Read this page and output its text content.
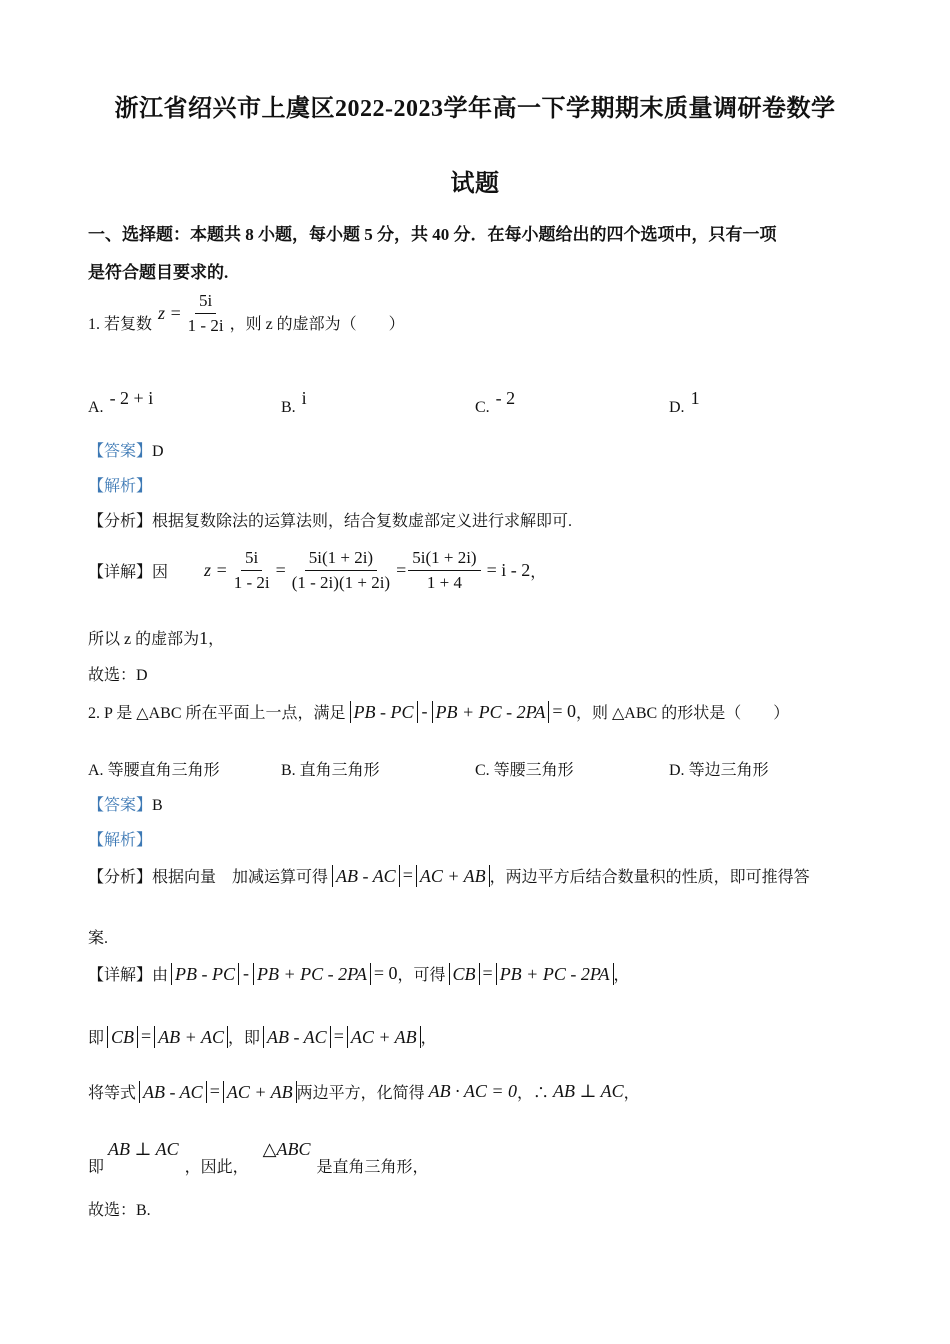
浙江省绍兴市上虞区2022-2023学年高一下学期期末质量调研卷数学
试题
一、选择题：本题共 8 小题，每小题 5 分，共 40 分．在每小题给出的四个选项中，只有一项
是符合题目要求的.
1. 若复数
$z = \frac{5i}{1 - 2i}$ ，则 z 的虚部为（　　）
A. - 2 + i	B. i	C. - 2	D. 1
【答案】D
【解析】
【分析】根据复数除法的运算法则，结合复数虚部定义进行求解即可.
【详解】 因 $z = \frac{5i}{1 - 2i} = \frac{5i(1 + 2i)}{(1 - 2i)(1 + 2i)} = \frac{5i(1 + 2i)}{1 + 4} = i - 2$ ，
所以 z 的虚部为1，
故选：D
2. P 是 △ABC 所在平面上一点，满足 PB - PC - PB + PC - 2PA = 0 ，则 △ABC 的形状是（　　）
A. 等腰直角三角形	B. 直角三角形	C. 等腰三角形	D. 等边三角形
【答案】B
【解析】
【分析】 根据向量　加减运算可得 AB - AC = AC + AB ，两边平方后结合数量积的性质，即可推得答
案.
【详解】 由 PB - PC - PB + PC - 2PA = 0 ，可得 CB = PB + PC - 2PA ，
即 CB = AB + AC ，即 AB - AC = AC + AB ，
将等式 AB - AC = AC + AB 两边平方，化简得 AB · AC = 0 ，∴ AB ⊥ AC ，
即
AB ⊥ AC
，因此，
△ABC
是直角三角形，
故选：B.
